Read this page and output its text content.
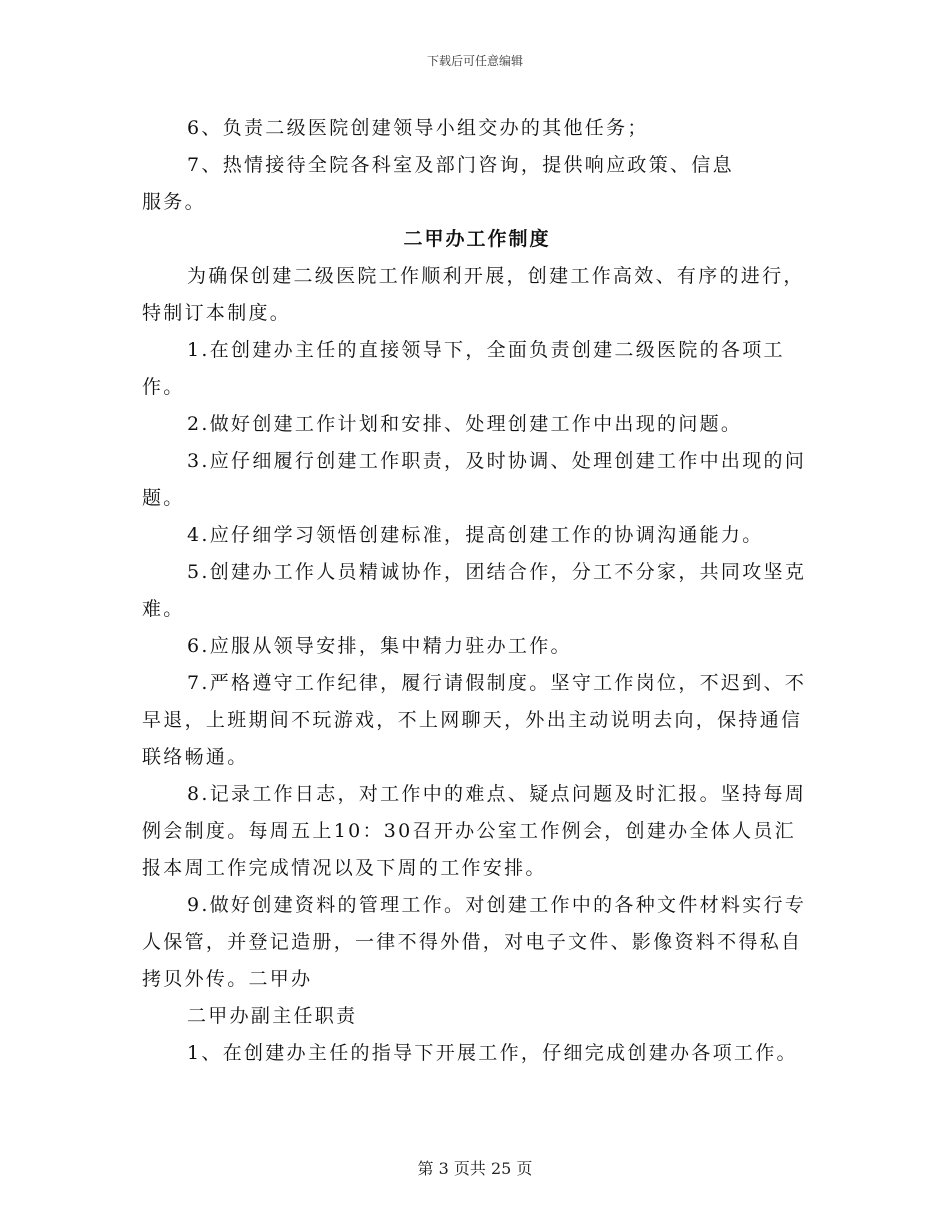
下载后可任意编辑

6、负责二级医院创建领导小组交办的其他任务；

7、热情接待全院各科室及部门咨询，提供响应政策、信息服务。

二甲办工作制度

为确保创建二级医院工作顺利开展，创建工作高效、有序的进行，特制订本制度。

1.在创建办主任的直接领导下，全面负责创建二级医院的各项工作。

2.做好创建工作计划和安排、处理创建工作中出现的问题。

3.应仔细履行创建工作职责，及时协调、处理创建工作中出现的问题。

4.应仔细学习领悟创建标准，提高创建工作的协调沟通能力。

5.创建办工作人员精诚协作，团结合作，分工不分家，共同攻坚克难。

6.应服从领导安排，集中精力驻办工作。

7.严格遵守工作纪律，履行请假制度。坚守工作岗位，不迟到、不早退，上班期间不玩游戏，不上网聊天，外出主动说明去向，保持通信联络畅通。

8.记录工作日志，对工作中的难点、疑点问题及时汇报。坚持每周例会制度。每周五上10：30召开办公室工作例会，创建办全体人员汇报本周工作完成情况以及下周的工作安排。

9.做好创建资料的管理工作。对创建工作中的各种文件材料实行专人保管，并登记造册，一律不得外借，对电子文件、影像资料不得私自拷贝外传。二甲办

二甲办副主任职责

1、在创建办主任的指导下开展工作，仔细完成创建办各项工作。

第 3 页共 25 页
